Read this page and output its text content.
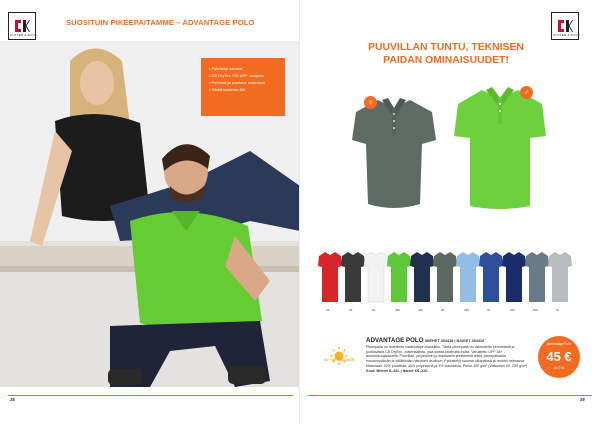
CUTTER & BUCK
SUOSITUIN PIKEEPAITAMME – ADVANTAGE POLO
• Pyöritetyt saumat
• CB DryTec +35 UPF -suojaus
• Pehmeä ja joustava materiaali
• Siistiä kasteuta &lit
28
CUTTER & BUCK
PUUVILLAN TUNTU, TEKNISEN
PAIDAN OMINAISUUDET!
♀
♂
35	99	00	480	465	95	289	25	252	800	97
UV +35 SUOJAUS
ADVANTAGE POLO MIEHET 354418 | NAISET 354419

Pikeepaita on todellinen vaatekaapin klassikko. Tämä pikeepaita on valmistettu pehmeästä ja joustavasta CB DryTec -materiaalista, joka siirtää kosteutta iholta. Varustettu UPF 35+ -aurinkosuojauksella. Puuvillan, polyesterin ja elastaanin yhdistelmä tekee pikeepaidasta muodonpitävän ja väliittömän näköisen asuiluun. Pyöristetyt saumat olkapäissä ja reuhmi helmassa. Materiaali: 52% puuvillaa, 45% polyesteriä ja 3% elastaania. Paino 190 g/m² (Valkoinen 00, 235 g/m²)

Koot: Miehet S–4XL | Naiset XS–XXL

Advantage Polo
45 €
alv 0 %
29
